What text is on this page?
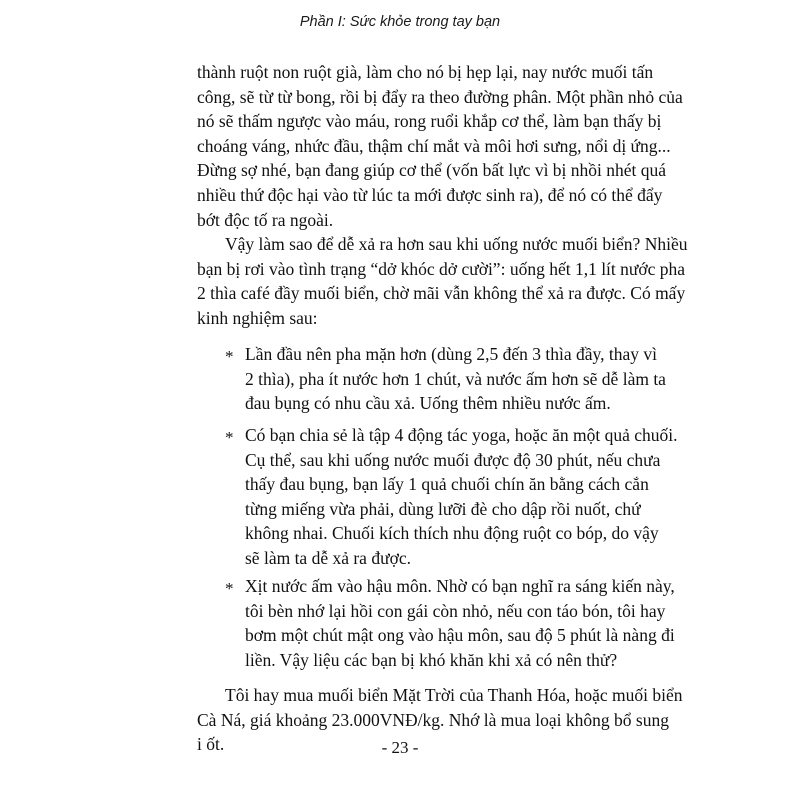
Phần I: Sức khỏe trong tay bạn
thành ruột non ruột già, làm cho nó bị hẹp lại, nay nước muối tấn
công, sẽ từ từ bong, rồi bị đẩy ra theo đường phân. Một phần nhỏ của
nó sẽ thấm ngược vào máu, rong ruổi khắp cơ thể, làm bạn thấy bị
choáng váng, nhức đầu, thậm chí mắt và môi hơi sưng, nổi dị ứng...
Đừng sợ nhé, bạn đang giúp cơ thể (vốn bất lực vì bị nhồi nhét quá
nhiều thứ độc hại vào từ lúc ta mới được sinh ra), để nó có thể đẩy
bớt độc tố ra ngoài.
Vậy làm sao để dễ xả ra hơn sau khi uống nước muối biển? Nhiều
bạn bị rơi vào tình trạng “dở khóc dở cười”: uống hết 1,1 lít nước pha
2 thìa café đầy muối biển, chờ mãi vẫn không thể xả ra được. Có mấy
kinh nghiệm sau:
* Lần đầu nên pha mặn hơn (dùng 2,5 đến 3 thìa đầy, thay vì
2 thìa), pha ít nước hơn 1 chút, và nước ấm hơn sẽ dễ làm ta
đau bụng có nhu cầu xả. Uống thêm nhiều nước ấm.
* Có bạn chia sẻ là tập 4 động tác yoga, hoặc ăn một quả chuối.
Cụ thể, sau khi uống nước muối được độ 30 phút, nếu chưa
thấy đau bụng, bạn lấy 1 quả chuối chín ăn bằng cách cắn
từng miếng vừa phải, dùng lưỡi đè cho dập rồi nuốt, chứ
không nhai. Chuối kích thích nhu động ruột co bóp, do vậy
sẽ làm ta dễ xả ra được.
* Xịt nước ấm vào hậu môn. Nhờ có bạn nghĩ ra sáng kiến này,
tôi bèn nhớ lại hồi con gái còn nhỏ, nếu con táo bón, tôi hay
bơm một chút mật ong vào hậu môn, sau độ 5 phút là nàng đi
liền. Vậy liệu các bạn bị khó khăn khi xả có nên thử?
Tôi hay mua muối biển Mặt Trời của Thanh Hóa, hoặc muối biển
Cà Ná, giá khoảng 23.000VNĐ/kg. Nhớ là mua loại không bổ sung
i ốt.	- 23 -
